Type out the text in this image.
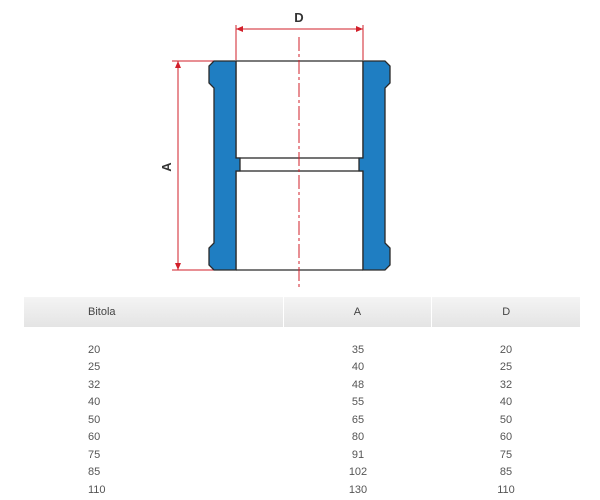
D
A
Bitola	A	D
20	35	20
25	40	25
32	48	32
40	55	40
50	65	50
60	80	60
75	91	75
85	102	85
110	130	110
